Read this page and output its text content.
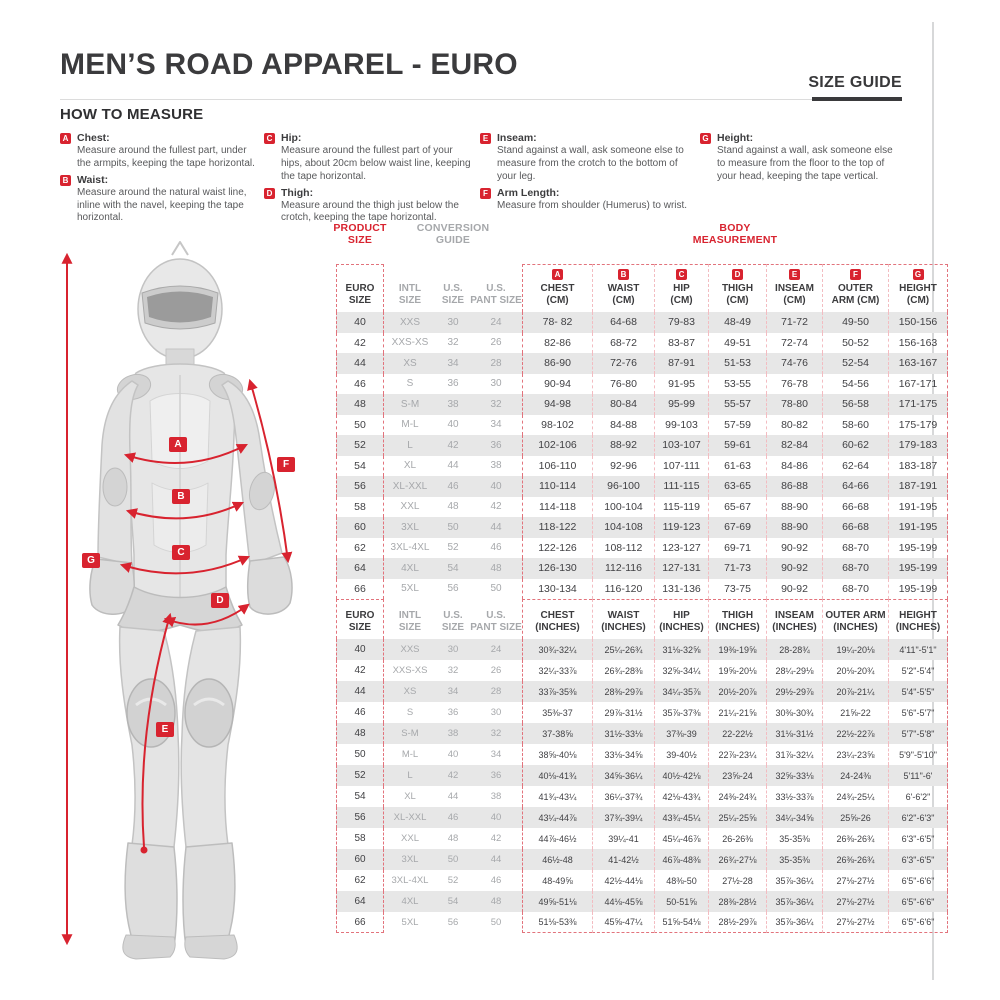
MEN’S ROAD APPAREL - EURO
SIZE GUIDE
HOW TO MEASURE
A Chest:
Measure around the fullest part, under the armpits, keeping the tape horizontal.
B Waist:
Measure around the natural waist line, inline with the navel, keeping the tape horizontal.
C Hip:
Measure around the fullest part of your hips, about 20cm below waist line, keeping the tape horizontal.
D Thigh:
Measure around the thigh just below the crotch, keeping the tape horizontal.
E Inseam:
Stand against a wall, ask someone else to measure from the crotch to the bottom of your leg.
F Arm Length:
Measure from shoulder (Humerus) to wrist.
G Height:
Stand against a wall, ask someone else to measure from the floor to the top of your head, keeping the tape vertical.
A
B
C
D
E
F
G
PRODUCT
SIZE
CONVERSION
GUIDE
BODY
MEASUREMENT
EURO
SIZE
INTL
SIZE
U.S.
SIZE
U.S.
PANT SIZE
A
CHEST
(CM)
B
WAIST
(CM)
C
HIP
(CM)
D
THIGH
(CM)
E
INSEAM
(CM)
F
OUTER
ARM (CM)
G
HEIGHT
(CM)
40	XXS	30	24	78- 82	64-68	79-83	48-49	71-72	49-50	150-156
42	XXS-XS	32	26	82-86	68-72	83-87	49-51	72-74	50-52	156-163
44	XS	34	28	86-90	72-76	87-91	51-53	74-76	52-54	163-167
46	S	36	30	90-94	76-80	91-95	53-55	76-78	54-56	167-171
48	S-M	38	32	94-98	80-84	95-99	55-57	78-80	56-58	171-175
50	M-L	40	34	98-102	84-88	99-103	57-59	80-82	58-60	175-179
52	L	42	36	102-106	88-92	103-107	59-61	82-84	60-62	179-183
54	XL	44	38	106-110	92-96	107-111	61-63	84-86	62-64	183-187
56	XL-XXL	46	40	110-114	96-100	111-115	63-65	86-88	64-66	187-191
58	XXL	48	42	114-118	100-104	115-119	65-67	88-90	66-68	191-195
60	3XL	50	44	118-122	104-108	119-123	67-69	88-90	66-68	191-195
62	3XL-4XL	52	46	122-126	108-112	123-127	69-71	90-92	68-70	195-199
64	4XL	54	48	126-130	112-116	127-131	71-73	90-92	68-70	195-199
66	5XL	56	50	130-134	116-120	131-136	73-75	90-92	68-70	195-199
EURO
SIZE
INTL
SIZE
U.S.
SIZE
U.S.
PANT SIZE
CHEST
(INCHES)
WAIST
(INCHES)
HIP
(INCHES)
THIGH
(INCHES)
INSEAM
(INCHES)
OUTER ARM
(INCHES)
HEIGHT
(INCHES)
40	XXS	30	24	30¾-32¼	25¼-26¾	31⅛-32⅝	19⅜-19⅝	28-28¾	19¼-20⅛	4'11"-5'1"
42	XXS-XS	32	26	32¼-33⅞	26¾-28⅜	32⅝-34¼	19⅝-20⅛	28¼-29⅛	20⅛-20¾	5'2"-5'4"
44	XS	34	28	33⅞-35⅜	28⅜-29⅞	34¼-35⅞	20½-20⅞	29½-29⅞	20⅞-21¼	5'4"-5'5"
46	S	36	30	35⅜-37	29⅞-31½	35⅞-37⅜	21¼-21⅝	30⅜-30¾	21⅝-22	5'6"-5'7"
48	S-M	38	32	37-38⅝	31½-33⅛	37⅜-39	22-22½	31⅛-31½	22½-22⅞	5'7"-5'8"
50	M-L	40	34	38⅝-40⅛	33⅛-34⅝	39-40½	22⅞-23¼	31⅞-32¼	23¼-23⅝	5'9"-5'10"
52	L	42	36	40⅛-41¾	34⅝-36¼	40½-42⅛	23⅝-24	32⅝-33⅛	24-24⅜	5'11"-6'
54	XL	44	38	41¾-43¼	36¼-37¾	42⅛-43¾	24⅜-24¾	33½-33⅞	24¾-25¼	6'-6'2"
56	XL-XXL	46	40	43¼-44⅞	37¾-39¼	43¾-45¼	25¼-25⅝	34¼-34⅝	25⅝-26	6'2"-6'3"
58	XXL	48	42	44⅞-46½	39¼-41	45¼-46⅞	26-26⅜	35-35⅜	26⅜-26¾	6'3"-6'5"
60	3XL	50	44	46½-48	41-42½	46⅞-48⅜	26¾-27⅛	35-35⅜	26⅜-26¾	6'3"-6'5"
62	3XL-4XL	52	46	48-49⅝	42½-44⅛	48⅜-50	27½-28	35⅞-36¼	27⅛-27½	6'5"-6'6"
64	4XL	54	48	49⅝-51⅛	44⅛-45⅝	50-51⅝	28⅜-28½	35⅞-36¼	27⅛-27½	6'5"-6'6"
66	5XL	56	50	51⅛-53⅜	45⅝-47¼	51⅝-54⅛	28½-29⅞	35⅞-36¼	27⅛-27½	6'5"-6'6"
